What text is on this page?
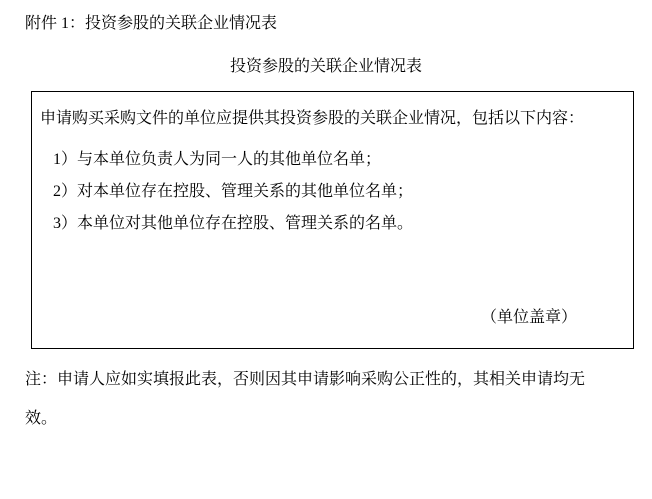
附件 1：投资参股的关联企业情况表
投资参股的关联企业情况表
申请购买采购文件的单位应提供其投资参股的关联企业情况，包括以下内容：
1）与本单位负责人为同一人的其他单位名单；
2）对本单位存在控股、管理关系的其他单位名单；
3）本单位对其他单位存在控股、管理关系的名单。
（单位盖章）
注：申请人应如实填报此表，否则因其申请影响采购公正性的，其相关申请均无
效。
